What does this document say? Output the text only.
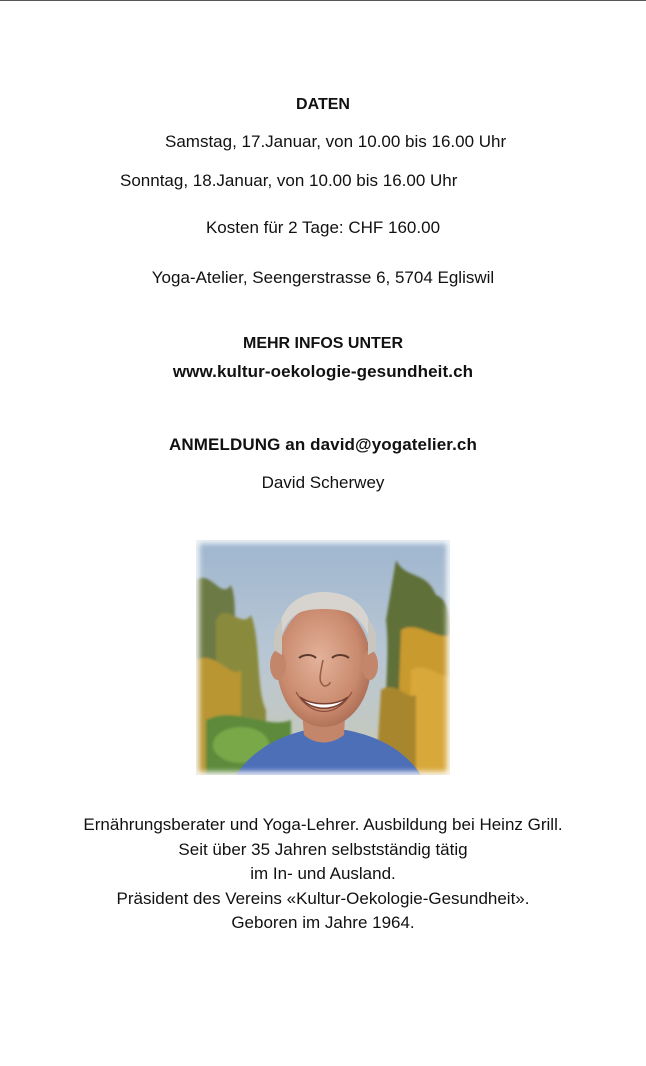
DATEN
Samstag, 17.Januar, von 10.00 bis 16.00 Uhr
Sonntag, 18.Januar, von 10.00 bis 16.00 Uhr
Kosten für 2 Tage: CHF 160.00
Yoga-Atelier, Seengerstrasse 6, 5704 Egliswil
MEHR INFOS UNTER
www.kultur-oekologie-gesundheit.ch
ANMELDUNG an david@yogatelier.ch
David Scherwey
Ernährungsberater und Yoga-Lehrer. Ausbildung bei Heinz Grill.
Seit über 35 Jahren selbstständig tätig
im In- und Ausland.
Präsident des Vereins «Kultur-Oekologie-Gesundheit».
Geboren im Jahre 1964.
